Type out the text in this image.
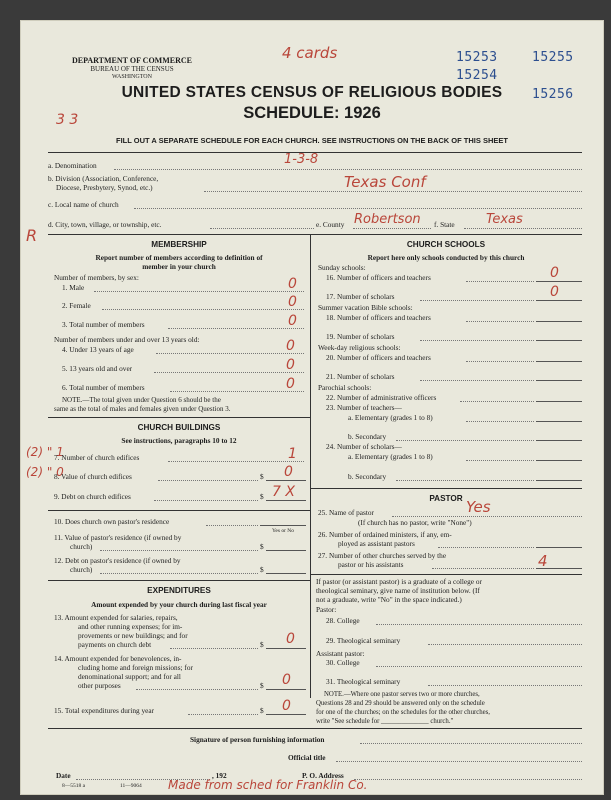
DEPARTMENT OF COMMERCE
BUREAU OF THE CENSUS
WASHINGTON
4 cards	15253
15254
15255
15256
UNITED STATES CENSUS OF RELIGIOUS BODIES
SCHEDULE: 1926
3 3
FILL OUT A SEPARATE SCHEDULE FOR EACH CHURCH. SEE INSTRUCTIONS ON THE BACK OF THIS SHEET
a. Denomination	1-3-8
b. Division (Association, Conference,
Diocese, Presbytery, Synod, etc.)	Texas Conf
c. Local name of church
R
d. City, town, village, or township, etc.	e. County Robertson f. State Texas
MEMBERSHIP
Report number of members according to definition of
member in your church
Number of members, by sex:
1. Male	0
2. Female	0
3. Total number of members	0
Number of members under and over 13 years old:
4. Under 13 years of age	0
5. 13 years old and over	0
6. Total number of members	0
NOTE.—The total given under Question 6 should be the
same as the total of males and females given under Question 3.
CHURCH BUILDINGS
See instructions, paragraphs 10 to 12
(2) " 1
7. Number of church edifices	1
(2) " 0
8. Value of church edifices	$ 0
9. Debt on church edifices	$ 7 X
10. Does church own pastor's residence
Yes or No
11. Value of pastor's residence (if owned by
church)	$
12. Debt on pastor's residence (if owned by
church)	$
EXPENDITURES
Amount expended by your church during last fiscal year
13. Amount expended for salaries, repairs,
and other running expenses; for im-
provements or new buildings; and for
payments on church debt	$ 0
14. Amount expended for benevolences, in-
cluding home and foreign missions; for
denominational support; and for all
other purposes	$ 0
15. Total expenditures during year	$ 0
CHURCH SCHOOLS
Report here only schools conducted by this church
Sunday schools:
16. Number of officers and teachers	0
17. Number of scholars	0
Summer vacation Bible schools:
18. Number of officers and teachers
19. Number of scholars
Week-day religious schools:
20. Number of officers and teachers
21. Number of scholars
Parochial schools:
22. Number of administrative officers
23. Number of teachers—
a. Elementary (grades 1 to 8)
b. Secondary
24. Number of scholars—
a. Elementary (grades 1 to 8)
b. Secondary
PASTOR
25. Name of pastor	Yes
(If church has no pastor, write "None")
26. Number of ordained ministers, if any, em-
ployed as assistant pastors
27. Number of other churches served by the
pastor or his assistants	4
If pastor (or assistant pastor) is a graduate of a college or
theological seminary, give name of institution below. (If
not a graduate, write "No" in the space indicated.)
Pastor:
28. College
29. Theological seminary
Assistant pastor:
30. College
31. Theological seminary
NOTE.—Where one pastor serves two or more churches,
Questions 28 and 29 should be answered only on the schedule
for one of the churches; on the schedules for the other churches,
write "See schedule for ______________ church."
Signature of person furnishing information
Official title
Date	, 192	P. O. Address
8—5518 a	11—9064 Made from sched for Franklin Co.
